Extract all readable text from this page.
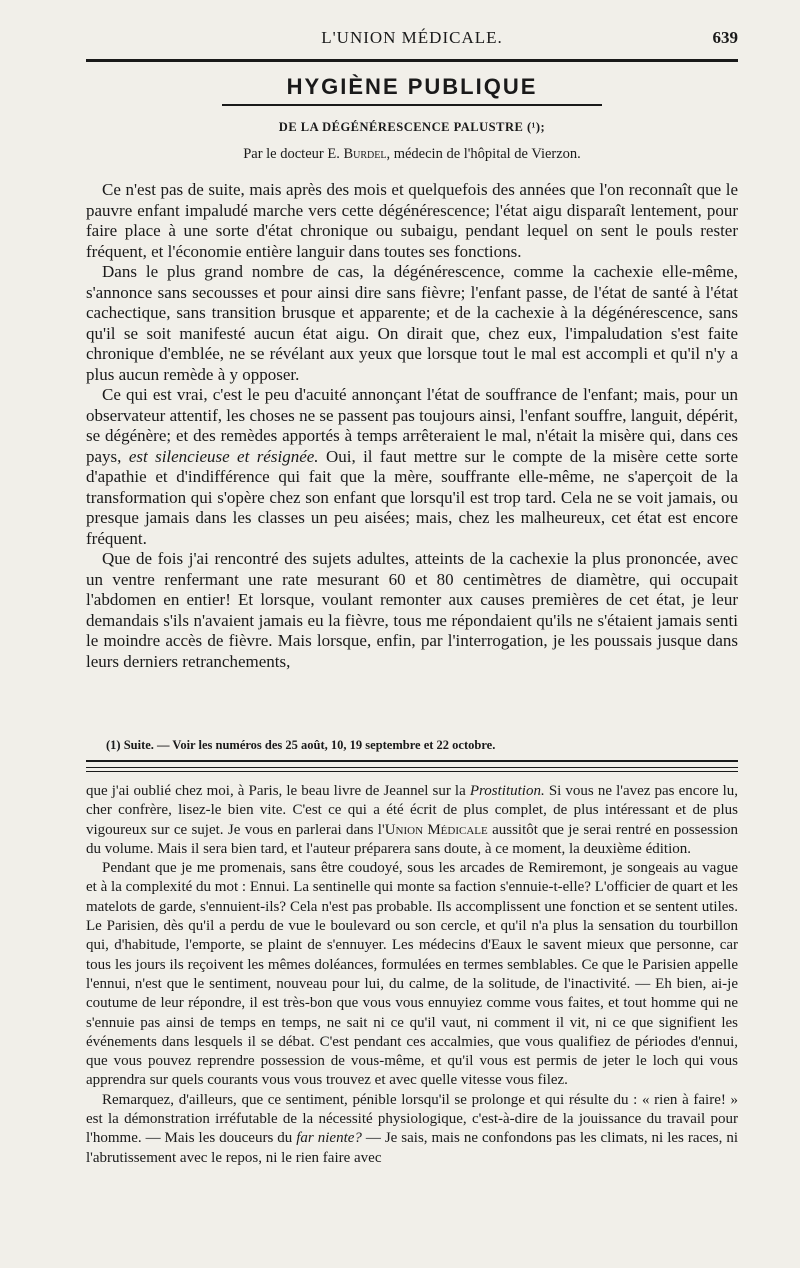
L'UNION MÉDICALE.	639
HYGIÈNE PUBLIQUE
DE LA DÉGÉNÉRESCENCE PALUSTRE (¹);
Par le docteur E. Burdel, médecin de l'hôpital de Vierzon.

Ce n'est pas de suite, mais après des mois et quelquefois des années que l'on reconnaît que le pauvre enfant impaludé marche vers cette dégénérescence; l'état aigu disparaît lentement, pour faire place à une sorte d'état chronique ou subaigu, pendant lequel on sent le pouls rester fréquent, et l'économie entière languir dans toutes ses fonctions.

Dans le plus grand nombre de cas, la dégénérescence, comme la cachexie elle-même, s'annonce sans secousses et pour ainsi dire sans fièvre; l'enfant passe, de l'état de santé à l'état cachectique, sans transition brusque et apparente; et de la cachexie à la dégénérescence, sans qu'il se soit manifesté aucun état aigu. On dirait que, chez eux, l'impaludation s'est faite chronique d'emblée, ne se révélant aux yeux que lorsque tout le mal est accompli et qu'il n'y a plus aucun remède à y opposer.

Ce qui est vrai, c'est le peu d'acuité annonçant l'état de souffrance de l'enfant; mais, pour un observateur attentif, les choses ne se passent pas toujours ainsi, l'enfant souffre, languit, dépérit, se dégénère; et des remèdes apportés à temps arrêteraient le mal, n'était la misère qui, dans ces pays, est silencieuse et résignée. Oui, il faut mettre sur le compte de la misère cette sorte d'apathie et d'indifférence qui fait que la mère, souffrante elle-même, ne s'aperçoit de la transformation qui s'opère chez son enfant que lorsqu'il est trop tard. Cela ne se voit jamais, ou presque jamais dans les classes un peu aisées; mais, chez les malheureux, cet état est encore fréquent.

Que de fois j'ai rencontré des sujets adultes, atteints de la cachexie la plus prononcée, avec un ventre renfermant une rate mesurant 60 et 80 centimètres de diamètre, qui occupait l'abdomen en entier! Et lorsque, voulant remonter aux causes premières de cet état, je leur demandais s'ils n'avaient jamais eu la fièvre, tous me répondaient qu'ils ne s'étaient jamais senti le moindre accès de fièvre. Mais lorsque, enfin, par l'interrogation, je les poussais jusque dans leurs derniers retranchements,

(1) Suite. — Voir les numéros des 25 août, 10, 19 septembre et 22 octobre.

que j'ai oublié chez moi, à Paris, le beau livre de Jeannel sur la Prostitution. Si vous ne l'avez pas encore lu, cher confrère, lisez-le bien vite. C'est ce qui a été écrit de plus complet, de plus intéressant et de plus vigoureux sur ce sujet. Je vous en parlerai dans l'Union Médicale aussitôt que je serai rentré en possession du volume. Mais il sera bien tard, et l'auteur préparera sans doute, à ce moment, la deuxième édition.

Pendant que je me promenais, sans être coudoyé, sous les arcades de Remiremont, je songeais au vague et à la complexité du mot : Ennui. La sentinelle qui monte sa faction s'ennuie-t-elle? L'officier de quart et les matelots de garde, s'ennuient-ils? Cela n'est pas probable. Ils accomplissent une fonction et se sentent utiles. Le Parisien, dès qu'il a perdu de vue le boulevard ou son cercle, et qu'il n'a plus la sensation du tourbillon qui, d'habitude, l'emporte, se plaint de s'ennuyer. Les médecins d'Eaux le savent mieux que personne, car tous les jours ils reçoivent les mêmes doléances, formulées en termes semblables. Ce que le Parisien appelle l'ennui, n'est que le sentiment, nouveau pour lui, du calme, de la solitude, de l'inactivité. — Eh bien, ai-je coutume de leur répondre, il est très-bon que vous vous ennuyiez comme vous faites, et tout homme qui ne s'ennuie pas ainsi de temps en temps, ne sait ni ce qu'il vaut, ni comment il vit, ni ce que signifient les événements dans lesquels il se débat. C'est pendant ces accalmies, que vous qualifiez de périodes d'ennui, que vous pouvez reprendre possession de vous-même, et qu'il vous est permis de jeter le loch qui vous apprendra sur quels courants vous vous trouvez et avec quelle vitesse vous filez.

Remarquez, d'ailleurs, que ce sentiment, pénible lorsqu'il se prolonge et qui résulte du : « rien à faire! » est la démonstration irréfutable de la nécessité physiologique, c'est-à-dire de la jouissance du travail pour l'homme. — Mais les douceurs du far niente? — Je sais, mais ne confondons pas les climats, ni les races, ni l'abrutissement avec le repos, ni le rien faire avec
